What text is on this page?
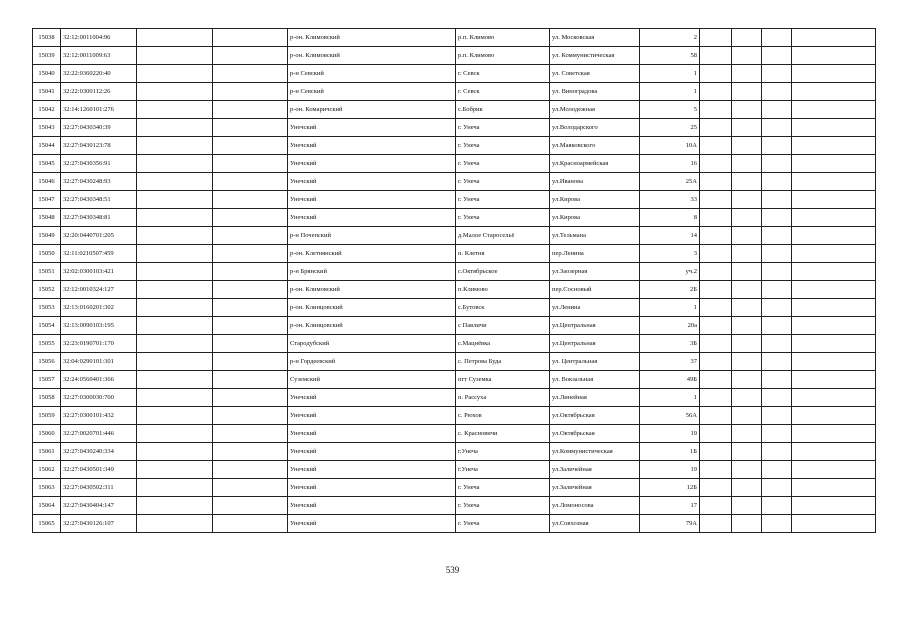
15038	32:12:0011004:96			р-он. Климовский	р.п. Климово	ул. Московская	2				
15039	32:12:0011009:63			р-он. Климовский	р.п. Климово	ул. Коммунистическая	58				
15040	32:22:0360220:40			р-н Севский	г. Севск	ул. Советская	1				
15041	32:22:0300112:26			р-н Севский	г. Севск	ул. Виноградова	1				
15042	32:14:1260101:276			р-он. Комаричский	с.Бобрик	ул.Молодежная	5				
15043	32:27:0430340:39			Унечский	г. Унеча	ул.Володарского	25				
15044	32:27:0430123:78			Унечский	г. Унеча	ул.Маяковского	10А				
15045	32:27:0430356:91			Унечский	г. Унеча	ул.Красноармейская	16				
15046	32:27:0430248:93			Унечский	г. Унеча	ул.Иванова	25А				
15047	32:27:0430348:51			Унечский	г. Унеча	ул.Кирова	33				
15048	32:27:0430348:81			Унечский	г. Унеча	ул.Кирова	8				
15049	32:20:0440701:205			р-н Почепский	д.Малое Старосельё	ул.Тельмана	14				
15050	32:11:0210507:459			р-он. Клетнянский	п. Клетня	пер.Ленина	3				
15051	32:02:0300103:421			р-н Брянский	с.Октябрьское	ул.Заозерная	уч.2				
15052	32:12:0010324:127			р-он. Климовский	п.Климово	пер.Сосновый	2Б				
15053	32:13:0160201:302			р-он. Клинцовский	с.Бутовск	ул.Ленина	1				
15054	32:13:0090103:195			р-он. Клинцовский	с Павличи	ул.Центральная	20а				
15055	32:23:0190701:170			Стародубский	с.Мацнёвка	ул.Центральная	3Б				
15056	32:04:0290101:301			р-н Гордеевский	с. Петрова Буда	ул. Центральная	37				
15057	32:24:0560401:366			Суземский	пгт Суземка	ул. Вокзальная	49Б				
15058	32:27:0300030:700			Унечский	п. Рассуха	ул.Линейная	1				
15059	32:27:0300101:432			Унечский	с. Рюхов	ул.Октябрьская	56А				
15060	32:27:0020701:446			Унечский	с. Красновичи	ул.Октябрьская	19				
15061	32:27:0430240:334			Унечский	г.Унеча	ул.Коммунистическая	1Б				
15062	32:27:0430501:349			Унечский	г.Унеча	ул.Заличейная	19				
15063	32:27:0430502:311			Унечский	г. Унеча	ул.Заличейная	12Б				
15064	32:27:0430404:147			Унечский	г. Унеча	ул.Ломоносова	17				
15065	32:27:0430126:107			Унечский	г. Унеча	ул.Совхозная	79А				
539
